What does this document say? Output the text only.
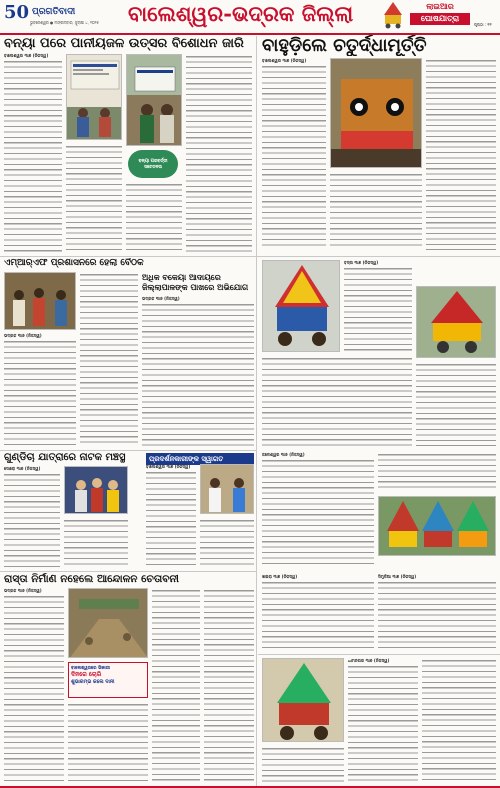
50 ପ୍ରଗତିବାଦୀ
ଭୁବନେଶ୍ୱର ● ମଙ୍ଗଳବାର, ଜୁଲାଇ ୪, ୨୦୨୫	ବାଲେଶ୍ୱର-ଭଦ୍ରକ ଜିଲ୍ଲା	ଲାଇଆର
ଘୋଷଯାତ୍ରା
ପୃଷ୍ଠା : ୧୧
ବନ୍ୟା ପରେ ପାନୀୟଜଳ ଉତ୍ସର ବିଶୋଧନ ଜାରି
ବାଲେଶ୍ୱର ୩ା୭ (ନିଜସ୍ୱ)
ବନ୍ୟା ପରବର୍ତ୍ତୀ ସଚେତନତା
ବାହୁଡ଼ିଲେ ଚତୁର୍ଦ୍ଧାମୂର୍ତ୍ତି
ବାଲେଶ୍ୱର ୩ା୭ (ନିଜସ୍ୱ)
ଏମ୍‌ଆର୍‌ଏଫ ପ୍ରଶାସନରେ ହେଲା ବୈଠକ
ଭଦ୍ରକ ୩ା୭ (ନିଜସ୍ୱ)
ଅଧିକ ବକେୟା ଆଦାୟରେ ଜିଲ୍ଲାପାଳଙ୍କ ପାଖରେ ଅଭିଯୋଗ
ଭଦ୍ରକ ୩ା୭ (ନିଜସ୍ୱ)
ବସ୍ତା ୩ା୭ (ନିଜସ୍ୱ)
ଗୁଣ୍ଡିଚା ଯାତ୍ରାରେ ନାଟକ ମଞ୍ଚସ୍ଥ
ସୋରୋ ୩ା୭ (ନିଜସ୍ୱ)
ପ୍ରଦର୍ଶନକାରୀଙ୍କ ସ୍ୱାଗତ
ବାଲେଶ୍ୱର ୩ା୭ (ନିଜସ୍ୱ)
ଜଳେଶ୍ୱର ୩ା୭ (ନିଜସ୍ୱ)
ରାସ୍ତା ନିର୍ମାଣ ନହେଲେ ଆନ୍ଦୋଳନ ଚେତାବନୀ
ଭଦ୍ରକ ୩ା୭ (ନିଜସ୍ୱ)
ବାଲେଶ୍ୱରରେ ଭିକାରୀ
ଦିନରେ ଚୋରି
ଶୁଭାରମ୍ଭ କଲେ ଦାନୀ
ଖଇରା ୩ା୭ (ନିଜସ୍ୱ)	ସିମୁଳିଆ ୩ା୭ (ନିଜସ୍ୱ)
ଧାମନଗର ୩ା୭ (ନିଜସ୍ୱ)
